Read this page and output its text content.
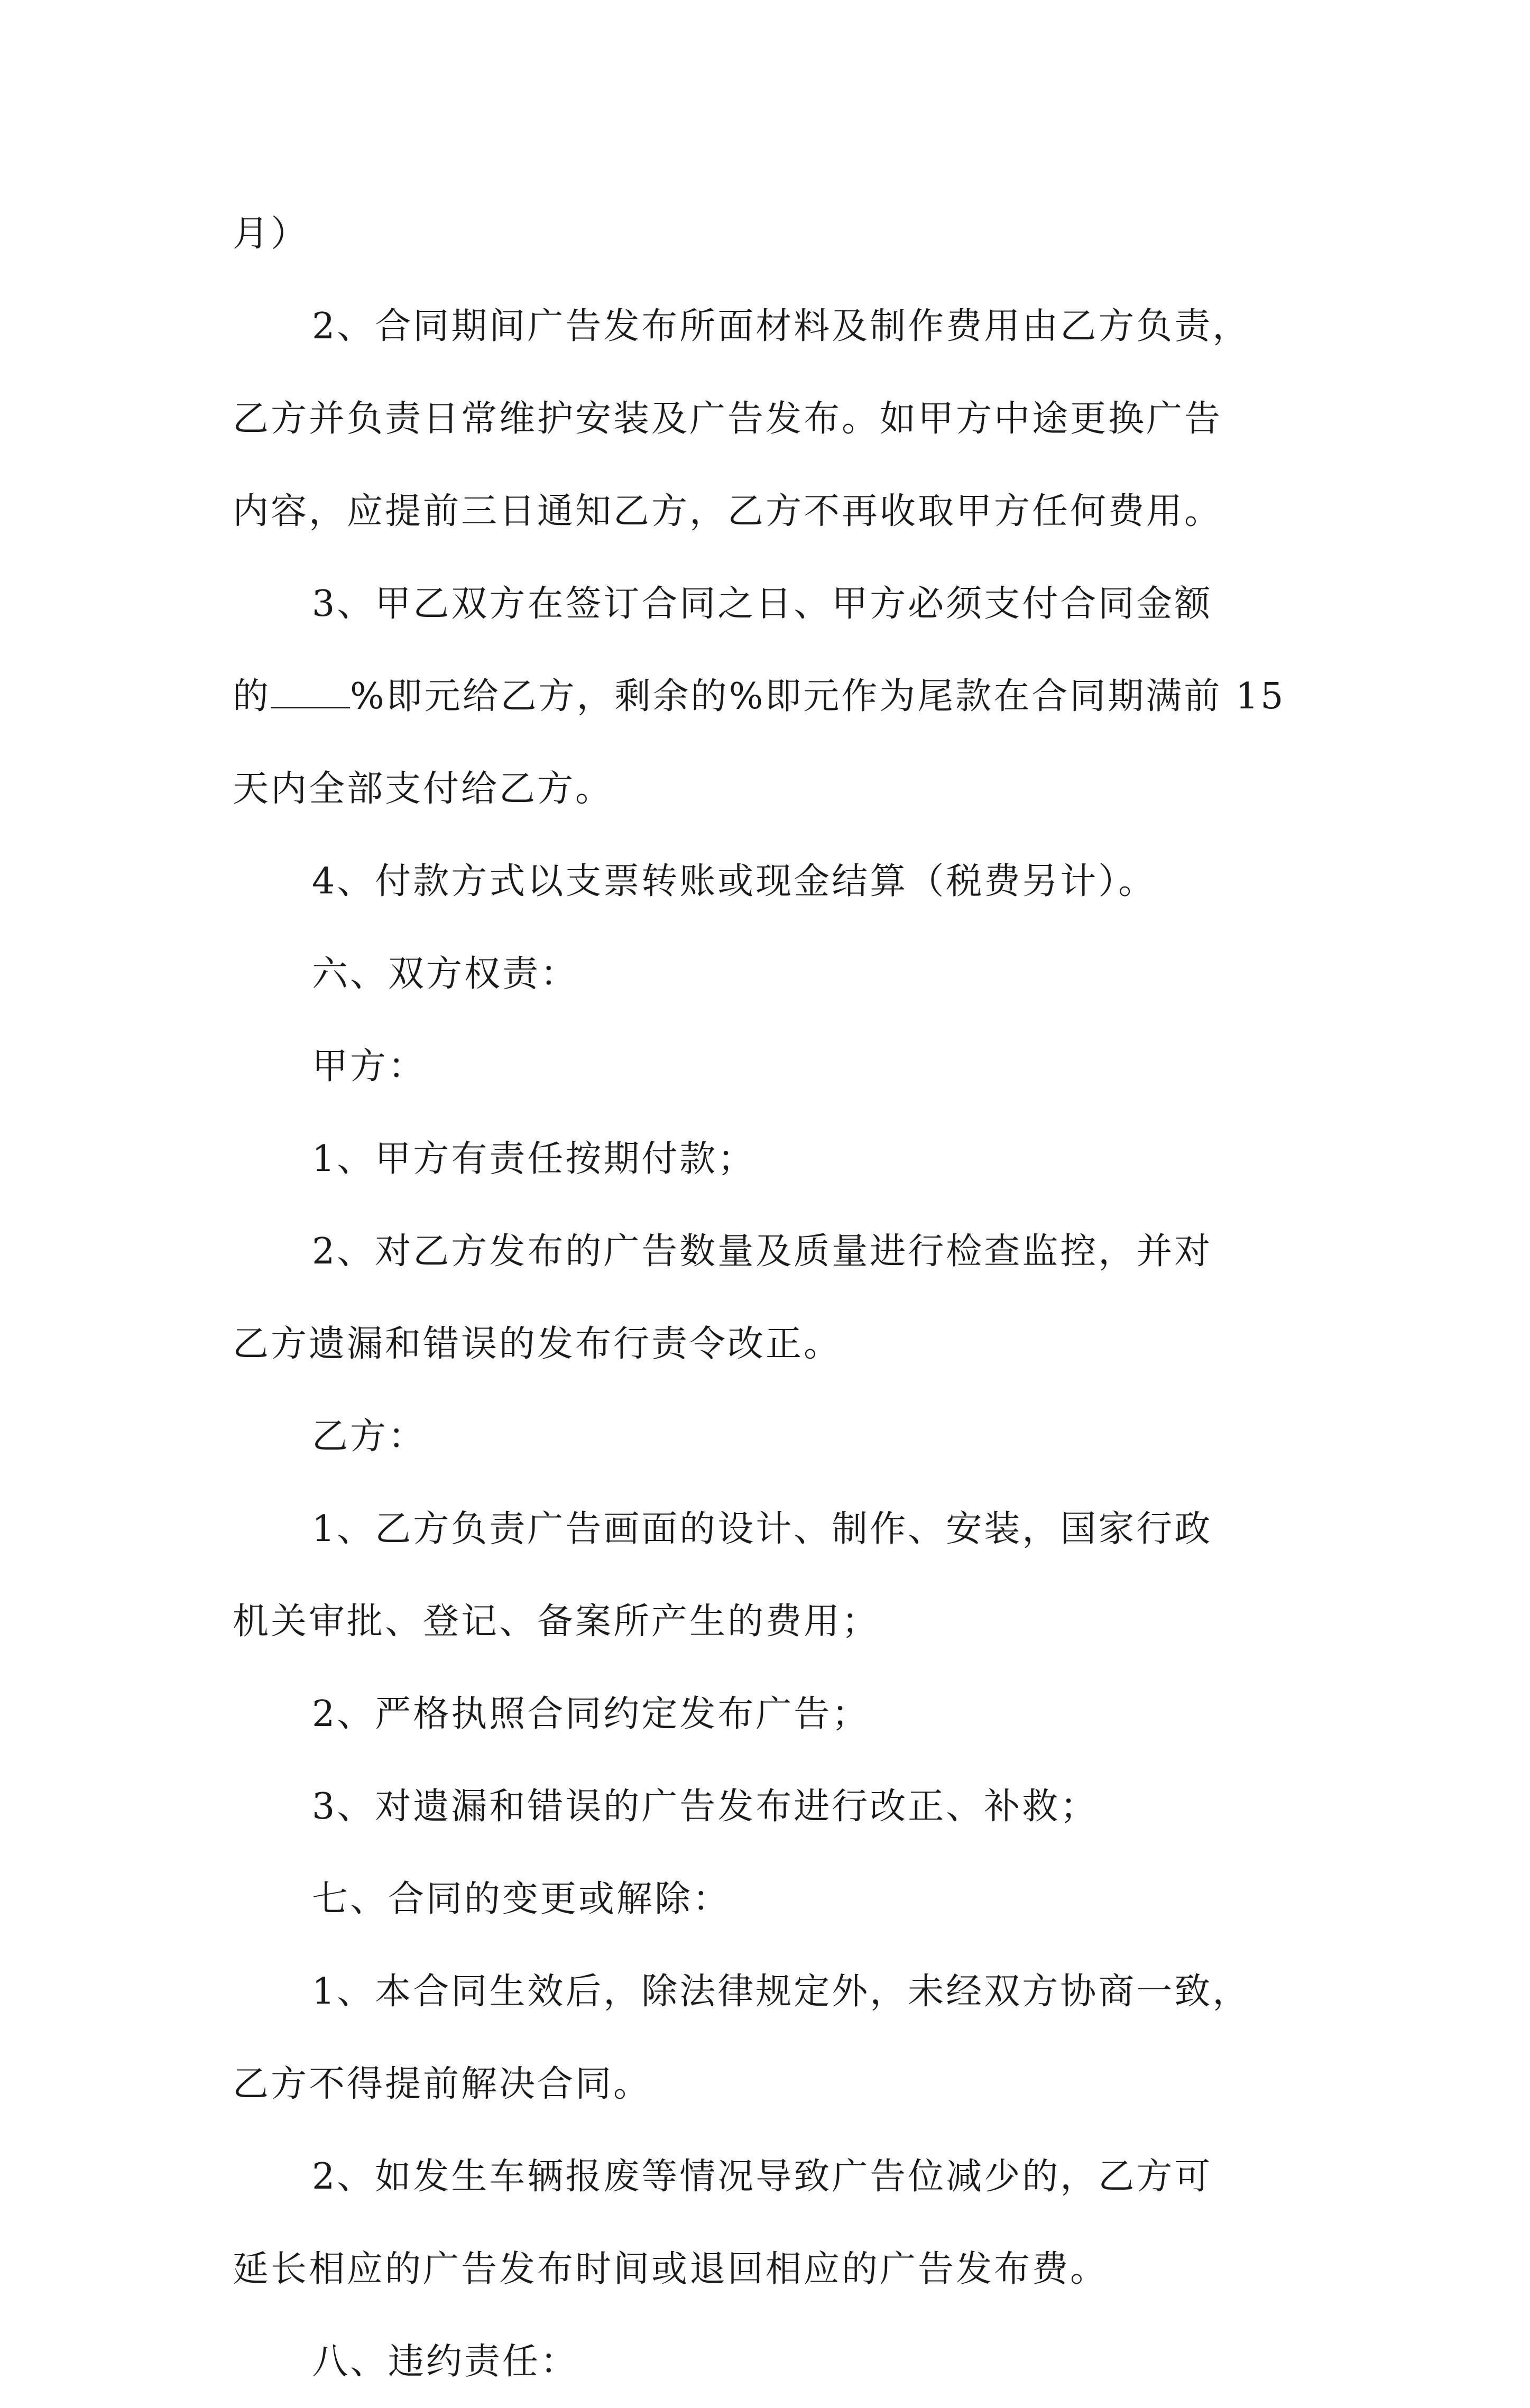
月）

2、合同期间广告发布所面材料及制作费用由乙方负责，

乙方并负责日常维护安装及广告发布。如甲方中途更换广告

内容，应提前三日通知乙方，乙方不再收取甲方任何费用。

3、甲乙双方在签订合同之日、甲方必须支付合同金额

的 %即元给乙方，剩余的%即元作为尾款在合同期满前 15

天内全部支付给乙方。

4、付款方式以支票转账或现金结算（税费另计）。

六、双方权责：

甲方：

1、甲方有责任按期付款；

2、对乙方发布的广告数量及质量进行检查监控，并对

乙方遗漏和错误的发布行责令改正。

乙方：

1、乙方负责广告画面的设计、制作、安装，国家行政

机关审批、登记、备案所产生的费用；

2、严格执照合同约定发布广告；

3、对遗漏和错误的广告发布进行改正、补救；

七、合同的变更或解除：

1、本合同生效后，除法律规定外，未经双方协商一致，

乙方不得提前解决合同。

2、如发生车辆报废等情况导致广告位减少的，乙方可

延长相应的广告发布时间或退回相应的广告发布费。

八、违约责任：
